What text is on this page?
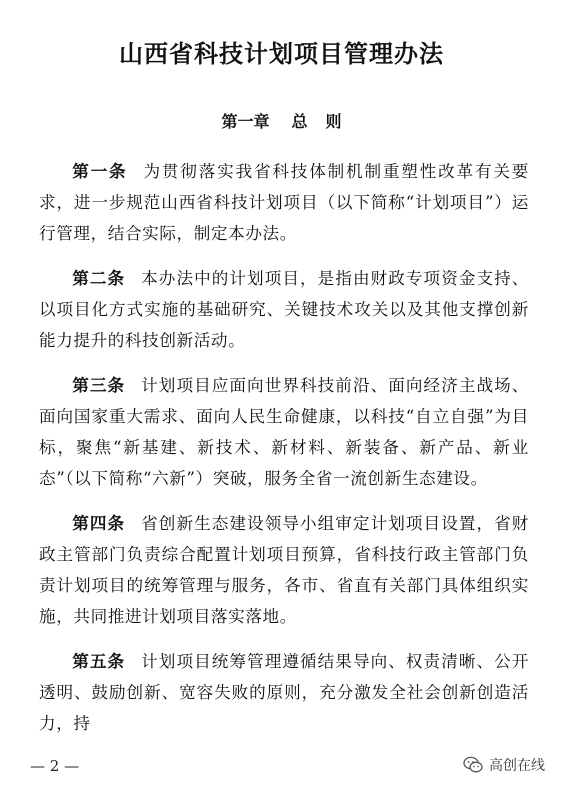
山西省科技计划项目管理办法
第一章 总 则

第一条 为贯彻落实我省科技体制机制重塑性改革有关要求，进一步规范山西省科技计划项目（以下简称“计划项目”）运行管理，结合实际，制定本办法。

第二条 本办法中的计划项目，是指由财政专项资金支持、以项目化方式实施的基础研究、关键技术攻关以及其他支撑创新能力提升的科技创新活动。

第三条 计划项目应面向世界科技前沿、面向经济主战场、面向国家重大需求、面向人民生命健康，以科技“自立自强”为目标，聚焦“新基建、新技术、新材料、新装备、新产品、新业态”（以下简称“六新”）突破，服务全省一流创新生态建设。

第四条 省创新生态建设领导小组审定计划项目设置，省财政主管部门负责综合配置计划项目预算，省科技行政主管部门负责计划项目的统筹管理与服务，各市、省直有关部门具体组织实施，共同推进计划项目落实落地。

第五条 计划项目统筹管理遵循结果导向、权责清晰、公开透明、鼓励创新、宽容失败的原则，充分激发全社会创新创造活力，持

— 2 —	高创在线
